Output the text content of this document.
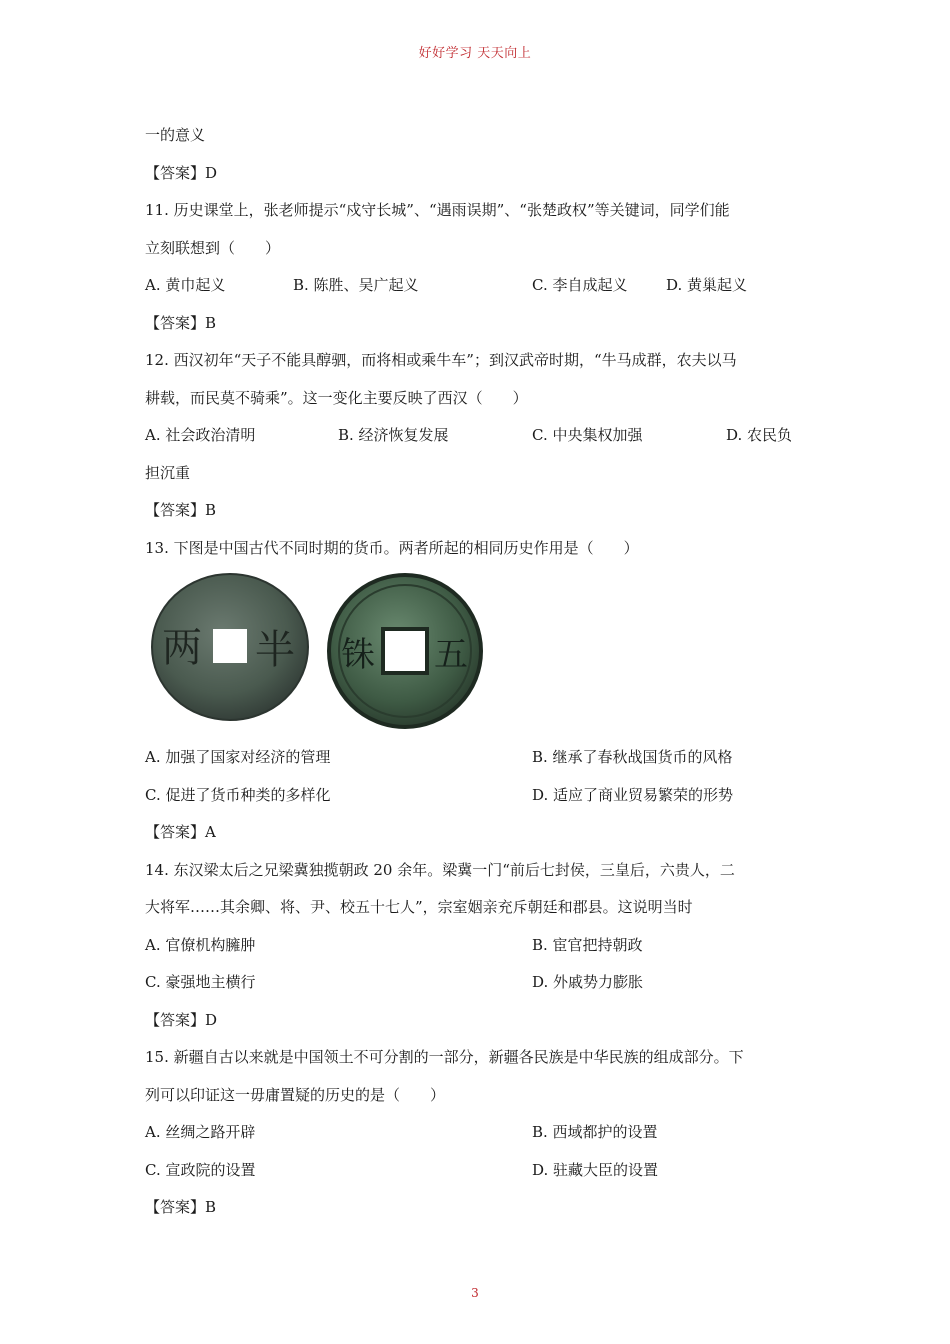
好好学习 天天向上
一的意义
【答案】D
11. 历史课堂上，张老师提示“戍守长城”、“遇雨误期”、“张楚政权”等关键词，同学们能
立刻联想到（　　）
A. 黄巾起义	B. 陈胜、吴广起义	C. 李自成起义	D. 黄巢起义
【答案】B
12. 西汉初年“天子不能具醇驷，而将相或乘牛车”；到汉武帝时期，“牛马成群，农夫以马
耕载，而民莫不骑乘”。这一变化主要反映了西汉（　　）
A. 社会政治清明	B. 经济恢复发展	C. 中央集权加强	D. 农民负
担沉重
【答案】B
13. 下图是中国古代不同时期的货币。两者所起的相同历史作用是（　　）
两 半 铢 五
A. 加强了国家对经济的管理	B. 继承了春秋战国货币的风格
C. 促进了货币种类的多样化	D. 适应了商业贸易繁荣的形势
【答案】A
14. 东汉梁太后之兄梁冀独揽朝政 20 余年。梁冀一门“前后七封侯，三皇后，六贵人，二
大将军……其余卿、将、尹、校五十七人”，宗室姻亲充斥朝廷和郡县。这说明当时
A. 官僚机构臃肿	B. 宦官把持朝政
C. 豪强地主横行	D. 外戚势力膨胀
【答案】D
15. 新疆自古以来就是中国领土不可分割的一部分，新疆各民族是中华民族的组成部分。下
列可以印证这一毋庸置疑的历史的是（　　）
A. 丝绸之路开辟	B. 西域都护的设置
C. 宣政院的设置	D. 驻藏大臣的设置
【答案】B
3
